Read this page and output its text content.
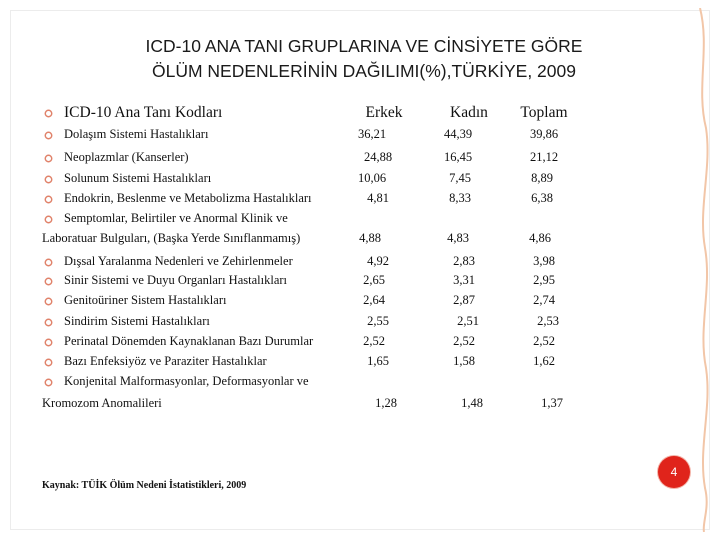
ICD-10 ANA TANI GRUPLARINA VE CİNSİYETE GÖRE
ÖLÜM NEDENLERİNİN DAĞILIMI(%),TÜRKİYE, 2009
ICD-10 Ana Tanı Kodları	Erkek	Kadın	Toplam
Dolaşım Sistemi Hastalıkları	36,21	44,39	39,86
Neoplazmlar (Kanserler)	24,88	16,45	21,12
Solunum Sistemi Hastalıkları	10,06	7,45	8,89
Endokrin, Beslenme ve Metabolizma Hastalıkları	4,81	8,33	6,38
Semptomlar, Belirtiler ve Anormal Klinik ve
Laboratuar Bulguları, (Başka Yerde Sınıflanmamış)	4,88	4,83	4,86
Dışsal Yaralanma Nedenleri ve Zehirlenmeler	4,92	2,83	3,98
Sinir Sistemi ve Duyu Organları Hastalıkları	2,65	3,31	2,95
Genitoüriner Sistem Hastalıkları	2,64	2,87	2,74
Sindirim Sistemi Hastalıkları	2,55	2,51	2,53
Perinatal Dönemden Kaynaklanan Bazı Durumlar	2,52	2,52	2,52
Bazı Enfeksiyöz ve Paraziter Hastalıklar	1,65	1,58	1,62
Konjenital Malformasyonlar, Deformasyonlar ve
Kromozom Anomalileri	1,28	1,48	1,37
Kaynak: TÜİK Ölüm Nedeni İstatistikleri, 2009
4
